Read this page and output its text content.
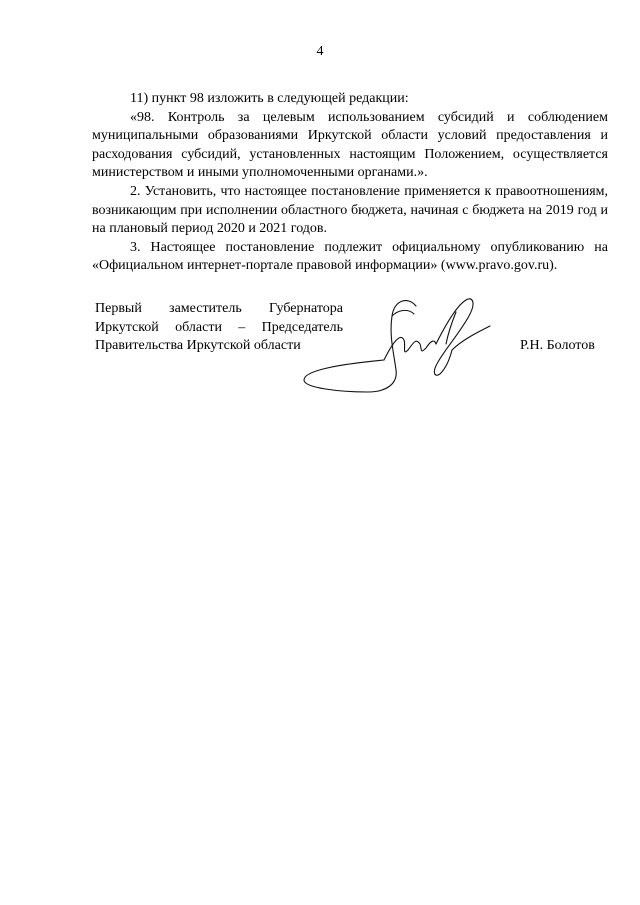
4

11) пункт 98 изложить в следующей редакции:

«98. Контроль за целевым использованием субсидий и соблюдением муниципальными образованиями Иркутской области условий предоставления и расходования субсидий, установленных настоящим Положением, осуществляется министерством и иными уполномоченными органами.».

2. Установить, что настоящее постановление применяется к правоотношениям, возникающим при исполнении областного бюджета, начиная с бюджета на 2019 год и на плановый период 2020 и 2021 годов.

3. Настоящее постановление подлежит официальному опубликованию на «Официальном интернет-портале правовой информации» (www.pravo.gov.ru).

Первый заместитель Губернатора
Иркутской области – Председатель
Правительства Иркутской области	Р.Н. Болотов
